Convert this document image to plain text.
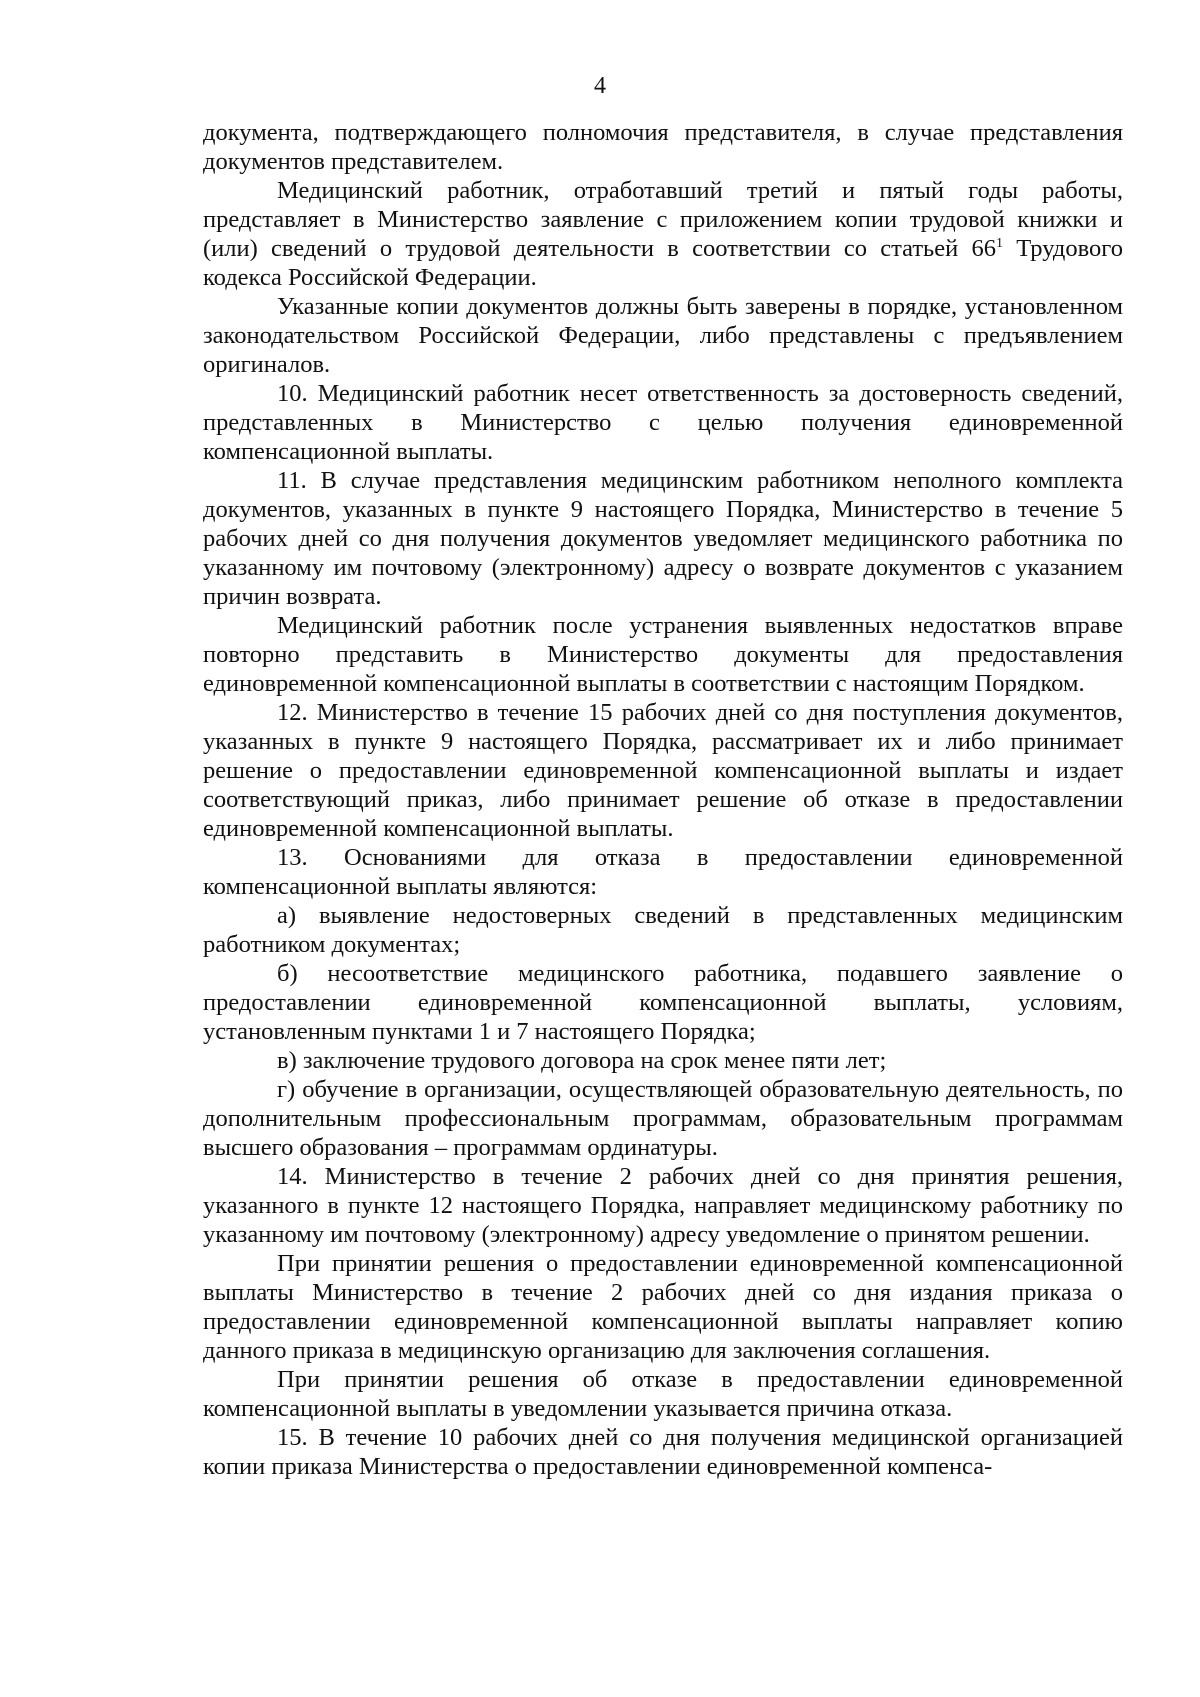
4

документа, подтверждающего полномочия представителя, в случае представления документов представителем.

Медицинский работник, отработавший третий и пятый годы работы, представляет в Министерство заявление с приложением копии трудовой книжки и (или) сведений о трудовой деятельности в соответствии со статьей $66^1$ Трудового кодекса Российской Федерации.

Указанные копии документов должны быть заверены в порядке, установленном законодательством Российской Федерации, либо представлены с предъявлением оригиналов.

10. Медицинский работник несет ответственность за достоверность сведений, представленных в Министерство с целью получения единовременной компенсационной выплаты.

11. В случае представления медицинским работником неполного комплекта документов, указанных в пункте 9 настоящего Порядка, Министерство в течение 5 рабочих дней со дня получения документов уведомляет медицинского работника по указанному им почтовому (электронному) адресу о возврате документов с указанием причин возврата.

Медицинский работник после устранения выявленных недостатков вправе повторно представить в Министерство документы для предоставления единовременной компенсационной выплаты в соответствии с настоящим Порядком.

12. Министерство в течение 15 рабочих дней со дня поступления документов, указанных в пункте 9 настоящего Порядка, рассматривает их и либо принимает решение о предоставлении единовременной компенсационной выплаты и издает соответствующий приказ, либо принимает решение об отказе в предоставлении единовременной компенсационной выплаты.

13. Основаниями для отказа в предоставлении единовременной компенсационной выплаты являются:

а) выявление недостоверных сведений в представленных медицинским работником документах;

б) несоответствие медицинского работника, подавшего заявление о предоставлении единовременной компенсационной выплаты, условиям, установленным пунктами 1 и 7 настоящего Порядка;

в) заключение трудового договора на срок менее пяти лет;

г) обучение в организации, осуществляющей образовательную деятельность, по дополнительным профессиональным программам, образовательным программам высшего образования – программам ординатуры.

14. Министерство в течение 2 рабочих дней со дня принятия решения, указанного в пункте 12 настоящего Порядка, направляет медицинскому работнику по указанному им почтовому (электронному) адресу уведомление о принятом решении.

При принятии решения о предоставлении единовременной компенсационной выплаты Министерство в течение 2 рабочих дней со дня издания приказа о предоставлении единовременной компенсационной выплаты направляет копию данного приказа в медицинскую организацию для заключения соглашения.

При принятии решения об отказе в предоставлении единовременной компенсационной выплаты в уведомлении указывается причина отказа.

15. В течение 10 рабочих дней со дня получения медицинской организацией копии приказа Министерства о предоставлении единовременной компенса-
